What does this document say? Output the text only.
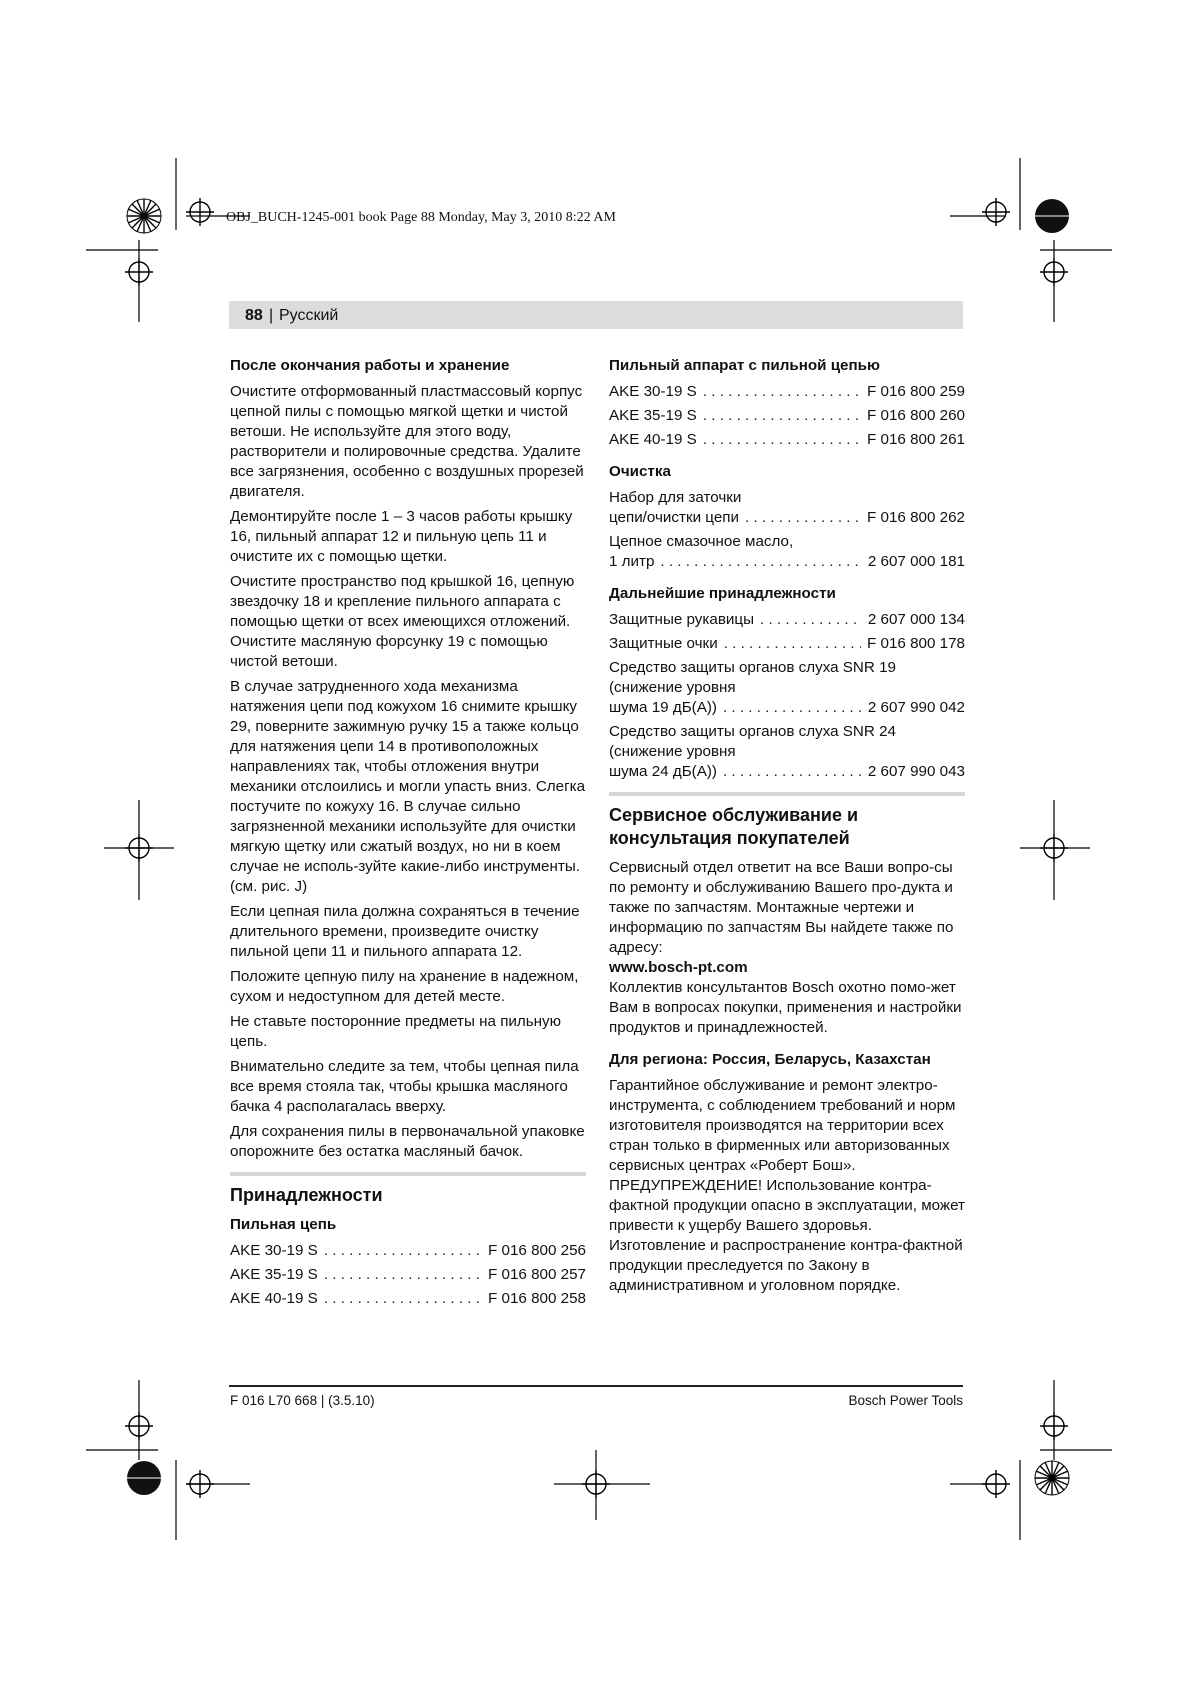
OBJ_BUCH-1245-001 book Page 88 Monday, May 3, 2010 8:22 AM
88 | Русский
После окончания работы и хранение

Очистите отформованный пластмассовый корпус цепной пилы с помощью мягкой щетки и чистой ветоши. Не используйте для этого воду, растворители и полировочные средства. Удалите все загрязнения, особенно с воздушных прорезей двигателя.

Демонтируйте после 1 – 3 часов работы крышку 16, пильный аппарат 12 и пильную цепь 11 и очистите их с помощью щетки.

Очистите пространство под крышкой 16, цепную звездочку 18 и крепление пильного аппарата с помощью щетки от всех имеющихся отложений. Очистите масляную форсунку 19 с помощью чистой ветоши.

В случае затрудненного хода механизма натяжения цепи под кожухом 16 снимите крышку 29, поверните зажимную ручку 15 а также кольцо для натяжения цепи 14 в противоположных направлениях так, чтобы отложения внутри механики отслоились и могли упасть вниз. Слегка постучите по кожуху 16. В случае сильно загрязненной механики используйте для очистки мягкую щетку или сжатый воздух, но ни в коем случае не исполь-зуйте какие-либо инструменты. (см. рис. J)

Если цепная пила должна сохраняться в течение длительного времени, произведите очистку пильной цепи 11 и пильного аппарата 12.

Положите цепную пилу на хранение в надежном, сухом и недоступном для детей месте.

Не ставьте посторонние предметы на пильную цепь.

Внимательно следите за тем, чтобы цепная пила все время стояла так, чтобы крышка масляного бачка 4 располагалась вверху.

Для сохранения пилы в первоначальной упаковке опорожните без остатка масляный бачок.

Принадлежности
Пильная цепь
AKE 30-19 S . . .	F 016 800 256
AKE 35-19 S . . .	F 016 800 257
AKE 40-19 S . . .	F 016 800 258
Пильный аппарат с пильной цепью
AKE 30-19 S . . .	F 016 800 259
AKE 35-19 S . . .	F 016 800 260
AKE 40-19 S . . .	F 016 800 261
Очистка
Набор для заточки
цепи/очистки цепи . . .	F 016 800 262
Цепное смазочное масло,
1 литр . . .	2 607 000 181
Дальнейшие принадлежности
Защитные рукавицы . . .	2 607 000 134
Защитные очки . . .	F 016 800 178
Средство защиты органов слуха SNR 19 (снижение уровня
шума 19 дБ(А)) . . .	2 607 990 042
Средство защиты органов слуха SNR 24 (снижение уровня
шума 24 дБ(А)) . . .	2 607 990 043
Сервисное обслуживание и консультация покупателей

Сервисный отдел ответит на все Ваши вопро-сы по ремонту и обслуживанию Вашего про-дукта и также по запчастям. Монтажные чертежи и информацию по запчастям Вы найдете также по адресу:
www.bosch-pt.com
Коллектив консультантов Bosch охотно помо-жет Вам в вопросах покупки, применения и настройки продуктов и принадлежностей.

Для региона: Россия, Беларусь, Казахстан

Гарантийное обслуживание и ремонт электро-инструмента, с соблюдением требований и норм изготовителя производятся на территории всех стран только в фирменных или авторизованных сервисных центрах «Роберт Бош».
ПРЕДУПРЕЖДЕНИЕ! Использование контра-фактной продукции опасно в эксплуатации, может привести к ущербу Вашего здоровья. Изготовление и распространение контра-фактной продукции преследуется по Закону в административном и уголовном порядке.

F 016 L70 668 | (3.5.10)	Bosch Power Tools
